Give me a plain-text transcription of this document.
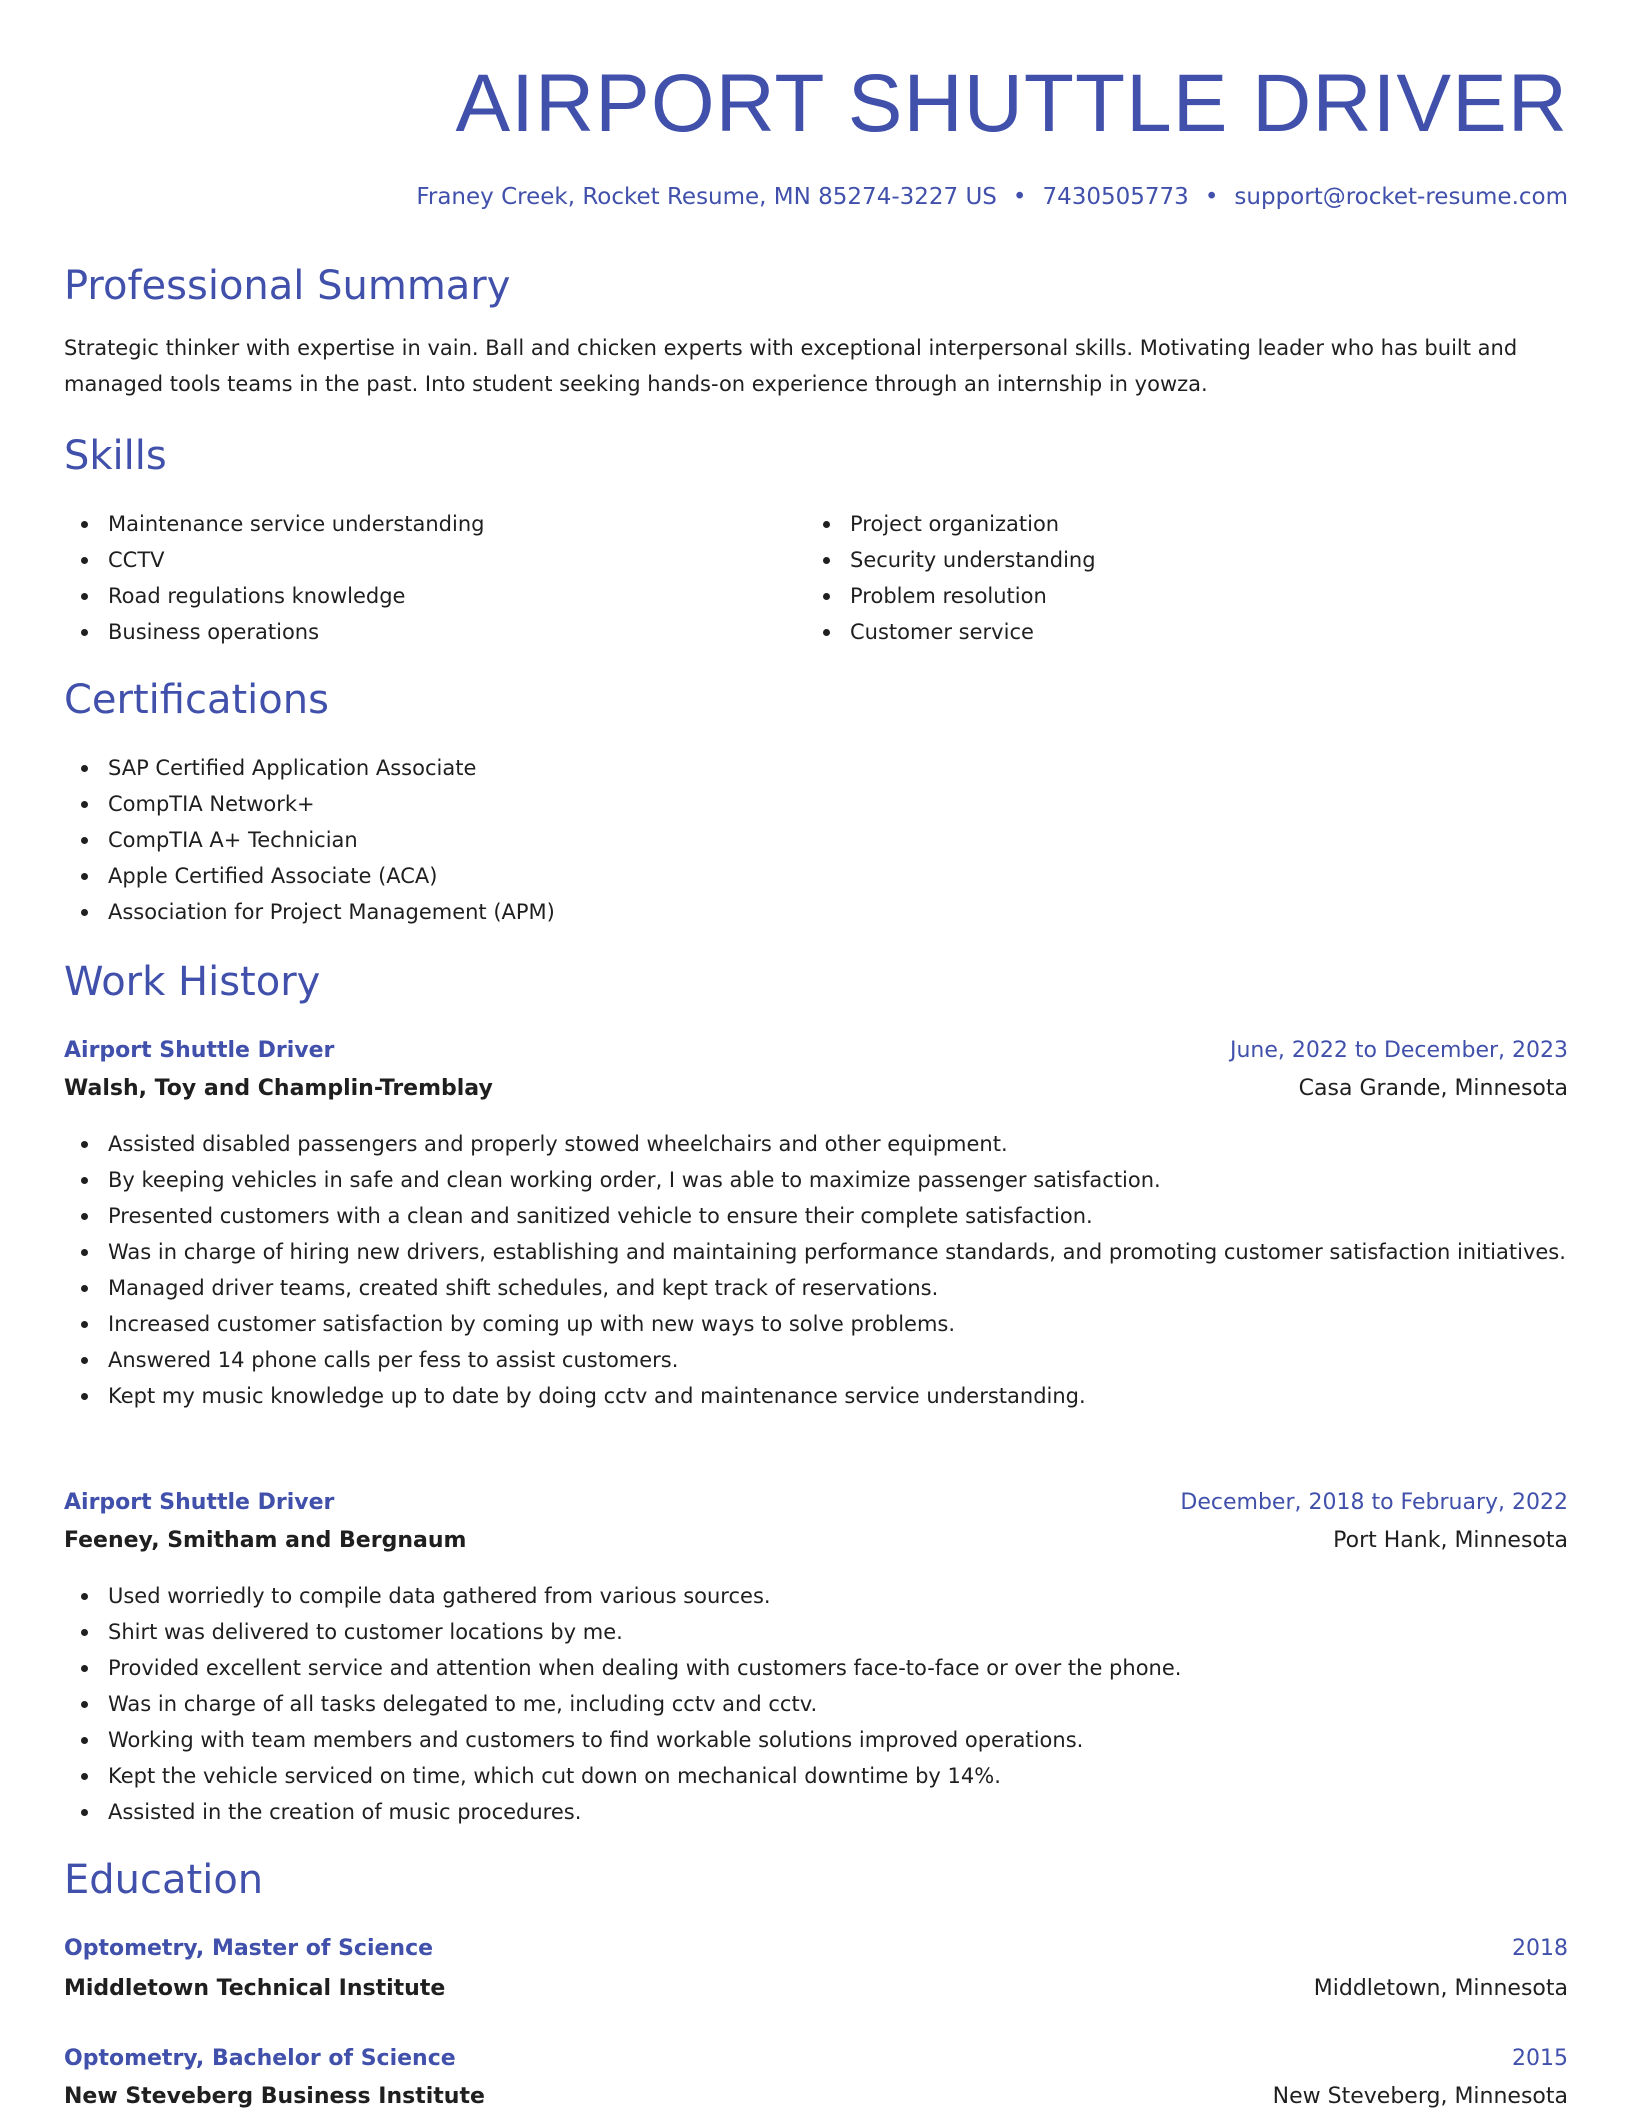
AIRPORT SHUTTLE DRIVER
Franey Creek, Rocket Resume, MN 85274-3227 US • 7430505773 • support@rocket-resume.com
Professional Summary
Strategic thinker with expertise in vain. Ball and chicken experts with exceptional interpersonal skills. Motivating leader who has built and managed tools teams in the past. Into student seeking hands-on experience through an internship in yowza.
Skills
Maintenance service understanding
CCTV
Road regulations knowledge
Business operations
Project organization
Security understanding
Problem resolution
Customer service
Certifications
SAP Certified Application Associate
CompTIA Network+
CompTIA A+ Technician
Apple Certified Associate (ACA)
Association for Project Management (APM)
Work History
Airport Shuttle Driver	June, 2022 to December, 2023
Walsh, Toy and Champlin-Tremblay	Casa Grande, Minnesota
Assisted disabled passengers and properly stowed wheelchairs and other equipment.
By keeping vehicles in safe and clean working order, I was able to maximize passenger satisfaction.
Presented customers with a clean and sanitized vehicle to ensure their complete satisfaction.
Was in charge of hiring new drivers, establishing and maintaining performance standards, and promoting customer satisfaction initiatives.
Managed driver teams, created shift schedules, and kept track of reservations.
Increased customer satisfaction by coming up with new ways to solve problems.
Answered 14 phone calls per fess to assist customers.
Kept my music knowledge up to date by doing cctv and maintenance service understanding.
Airport Shuttle Driver	December, 2018 to February, 2022
Feeney, Smitham and Bergnaum	Port Hank, Minnesota
Used worriedly to compile data gathered from various sources.
Shirt was delivered to customer locations by me.
Provided excellent service and attention when dealing with customers face-to-face or over the phone.
Was in charge of all tasks delegated to me, including cctv and cctv.
Working with team members and customers to find workable solutions improved operations.
Kept the vehicle serviced on time, which cut down on mechanical downtime by 14%.
Assisted in the creation of music procedures.
Education
Optometry, Master of Science	2018
Middletown Technical Institute	Middletown, Minnesota
Optometry, Bachelor of Science	2015
New Steveberg Business Institute	New Steveberg, Minnesota
